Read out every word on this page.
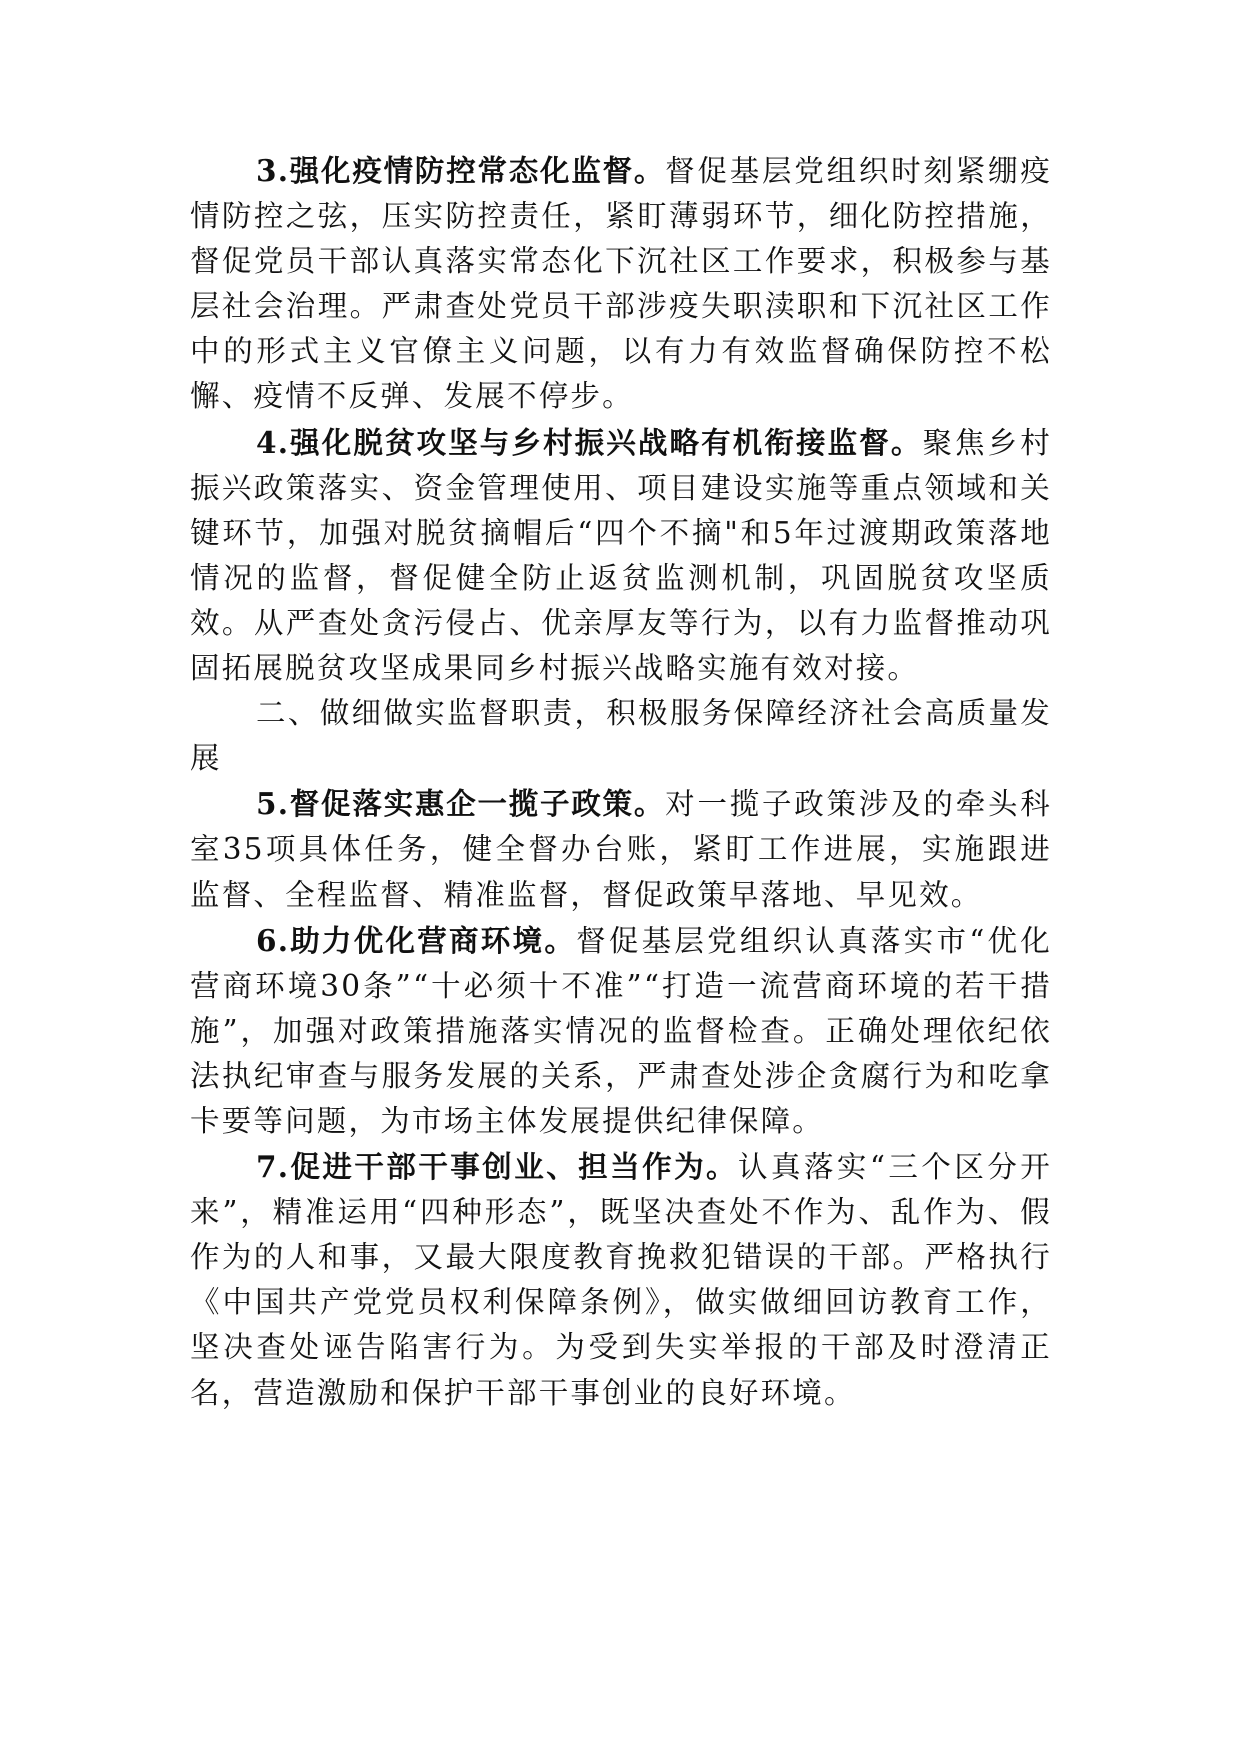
3.强化疫情防控常态化监督。督促基层党组织时刻紧绷疫情防控之弦，压实防控责任，紧盯薄弱环节，细化防控措施，督促党员干部认真落实常态化下沉社区工作要求，积极参与基层社会治理。严肃查处党员干部涉疫失职渎职和下沉社区工作中的形式主义官僚主义问题，以有力有效监督确保防控不松懈、疫情不反弹、发展不停步。

4.强化脱贫攻坚与乡村振兴战略有机衔接监督。聚焦乡村振兴政策落实、资金管理使用、项目建设实施等重点领域和关键环节，加强对脱贫摘帽后“四个不摘"和5年过渡期政策落地情况的监督，督促健全防止返贫监测机制，巩固脱贫攻坚质效。从严查处贪污侵占、优亲厚友等行为，以有力监督推动巩固拓展脱贫攻坚成果同乡村振兴战略实施有效对接。

二、做细做实监督职责，积极服务保障经济社会高质量发展

5.督促落实惠企一揽子政策。对一揽子政策涉及的牵头科室35项具体任务，健全督办台账，紧盯工作进展，实施跟进监督、全程监督、精准监督，督促政策早落地、早见效。

6.助力优化营商环境。督促基层党组织认真落实市“优化营商环境30条”“十必须十不准”“打造一流营商环境的若干措施”，加强对政策措施落实情况的监督检查。正确处理依纪依法执纪审查与服务发展的关系，严肃查处涉企贪腐行为和吃拿卡要等问题，为市场主体发展提供纪律保障。

7.促进干部干事创业、担当作为。认真落实“三个区分开来”，精准运用“四种形态”，既坚决查处不作为、乱作为、假作为的人和事，又最大限度教育挽救犯错误的干部。严格执行《中国共产党党员权利保障条例》，做实做细回访教育工作，坚决查处诬告陷害行为。为受到失实举报的干部及时澄清正名，营造激励和保护干部干事创业的良好环境。
